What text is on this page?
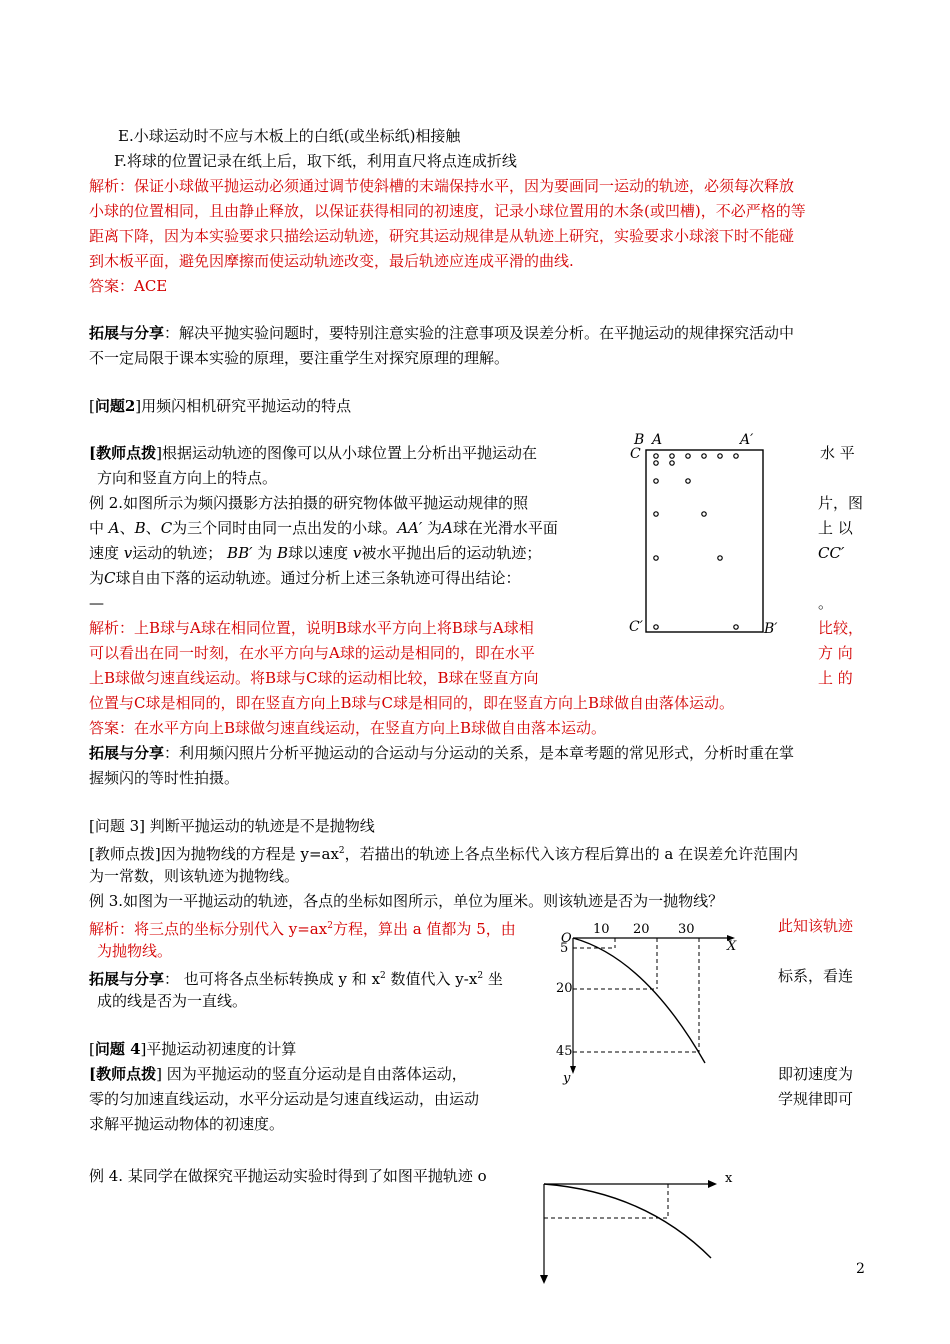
E.小球运动时不应与木板上的白纸(或坐标纸)相接触
F.将球的位置记录在纸上后，取下纸，利用直尺将点连成折线
解析：保证小球做平抛运动必须通过调节使斜槽的末端保持水平，因为要画同一运动的轨迹，必须每次释放
小球的位置相同，且由静止释放，以保证获得相同的初速度，记录小球位置用的木条(或凹槽)，不必严格的等
距离下降，因为本实验要求只描绘运动轨迹，研究其运动规律是从轨迹上研究，实验要求小球滚下时不能碰
到木板平面，避免因摩擦而使运动轨迹改变，最后轨迹应连成平滑的曲线.
答案：ACE
拓展与分享：解决平抛实验问题时，要特别注意实验的注意事项及误差分析。在平抛运动的规律探究活动中
不一定局限于课本实验的原理，要注重学生对探究原理的理解。
[问题2]用频闪相机研究平抛运动的特点
[教师点拨]根据运动轨迹的图像可以从小球位置上分析出平抛运动在	水 平
方向和竖直方向上的特点。
例 2.如图所示为频闪摄影方法拍摄的研究物体做平抛运动规律的照	片，图
中 A、B、C为三个同时由同一点出发的小球。AA′ 为A球在光滑水平面	上 以
速度 v运动的轨迹； BB′ 为 B球以速度 v被水平抛出后的运动轨迹；	CC′
为C球自由下落的运动轨迹。通过分析上述三条轨迹可得出结论：
—	。
解析：上B球与A球在相同位置，说明B球水平方向上将B球与A球相	比较，
可以看出在同一时刻，在水平方向与A球的运动是相同的，即在水平	方 向
上B球做匀速直线运动。将B球与C球的运动相比较，B球在竖直方向	上 的
位置与C球是相同的，即在竖直方向上B球与C球是相同的，即在竖直方向上B球做自由落体运动。
答案：在水平方向上B球做匀速直线运动，在竖直方向上B球做自由落本运动。
拓展与分享：利用频闪照片分析平抛运动的合运动与分运动的关系，是本章考题的常见形式，分析时重在掌
握频闪的等时性拍摄。
B A	A′
C
C′	B′
[问题 3] 判断平抛运动的轨迹是不是抛物线
[教师点拨]因为抛物线的方程是 $y=ax^2$，若描出的轨迹上各点坐标代入该方程后算出的 a 在误差允许范围内
为一常数，则该轨迹为抛物线。
例 3.如图为一平抛运动的轨迹，各点的坐标如图所示，单位为厘米。则该轨迹是否为一抛物线？
解析：将三点的坐标分别代入 $y=ax^2$方程，算出 a 值都为 5，由	此知该轨迹
为抛物线。
拓展与分享： 也可将各点坐标转换成 y 和 $x^2$ 数值代入 $y-x^2$ 坐	标系，看连
成的线是否为一直线。
10 20 30
O
X
5
20
45
y
[问题 4]平抛运动初速度的计算
[教师点拨] 因为平抛运动的竖直分运动是自由落体运动，	即初速度为
零的匀加速直线运动，水平分运动是匀速直线运动，由运动	学规律即可
求解平抛运动物体的初速度。
例 4. 某同学在做探究平抛运动实验时得到了如图平抛轨迹 o	x
2
